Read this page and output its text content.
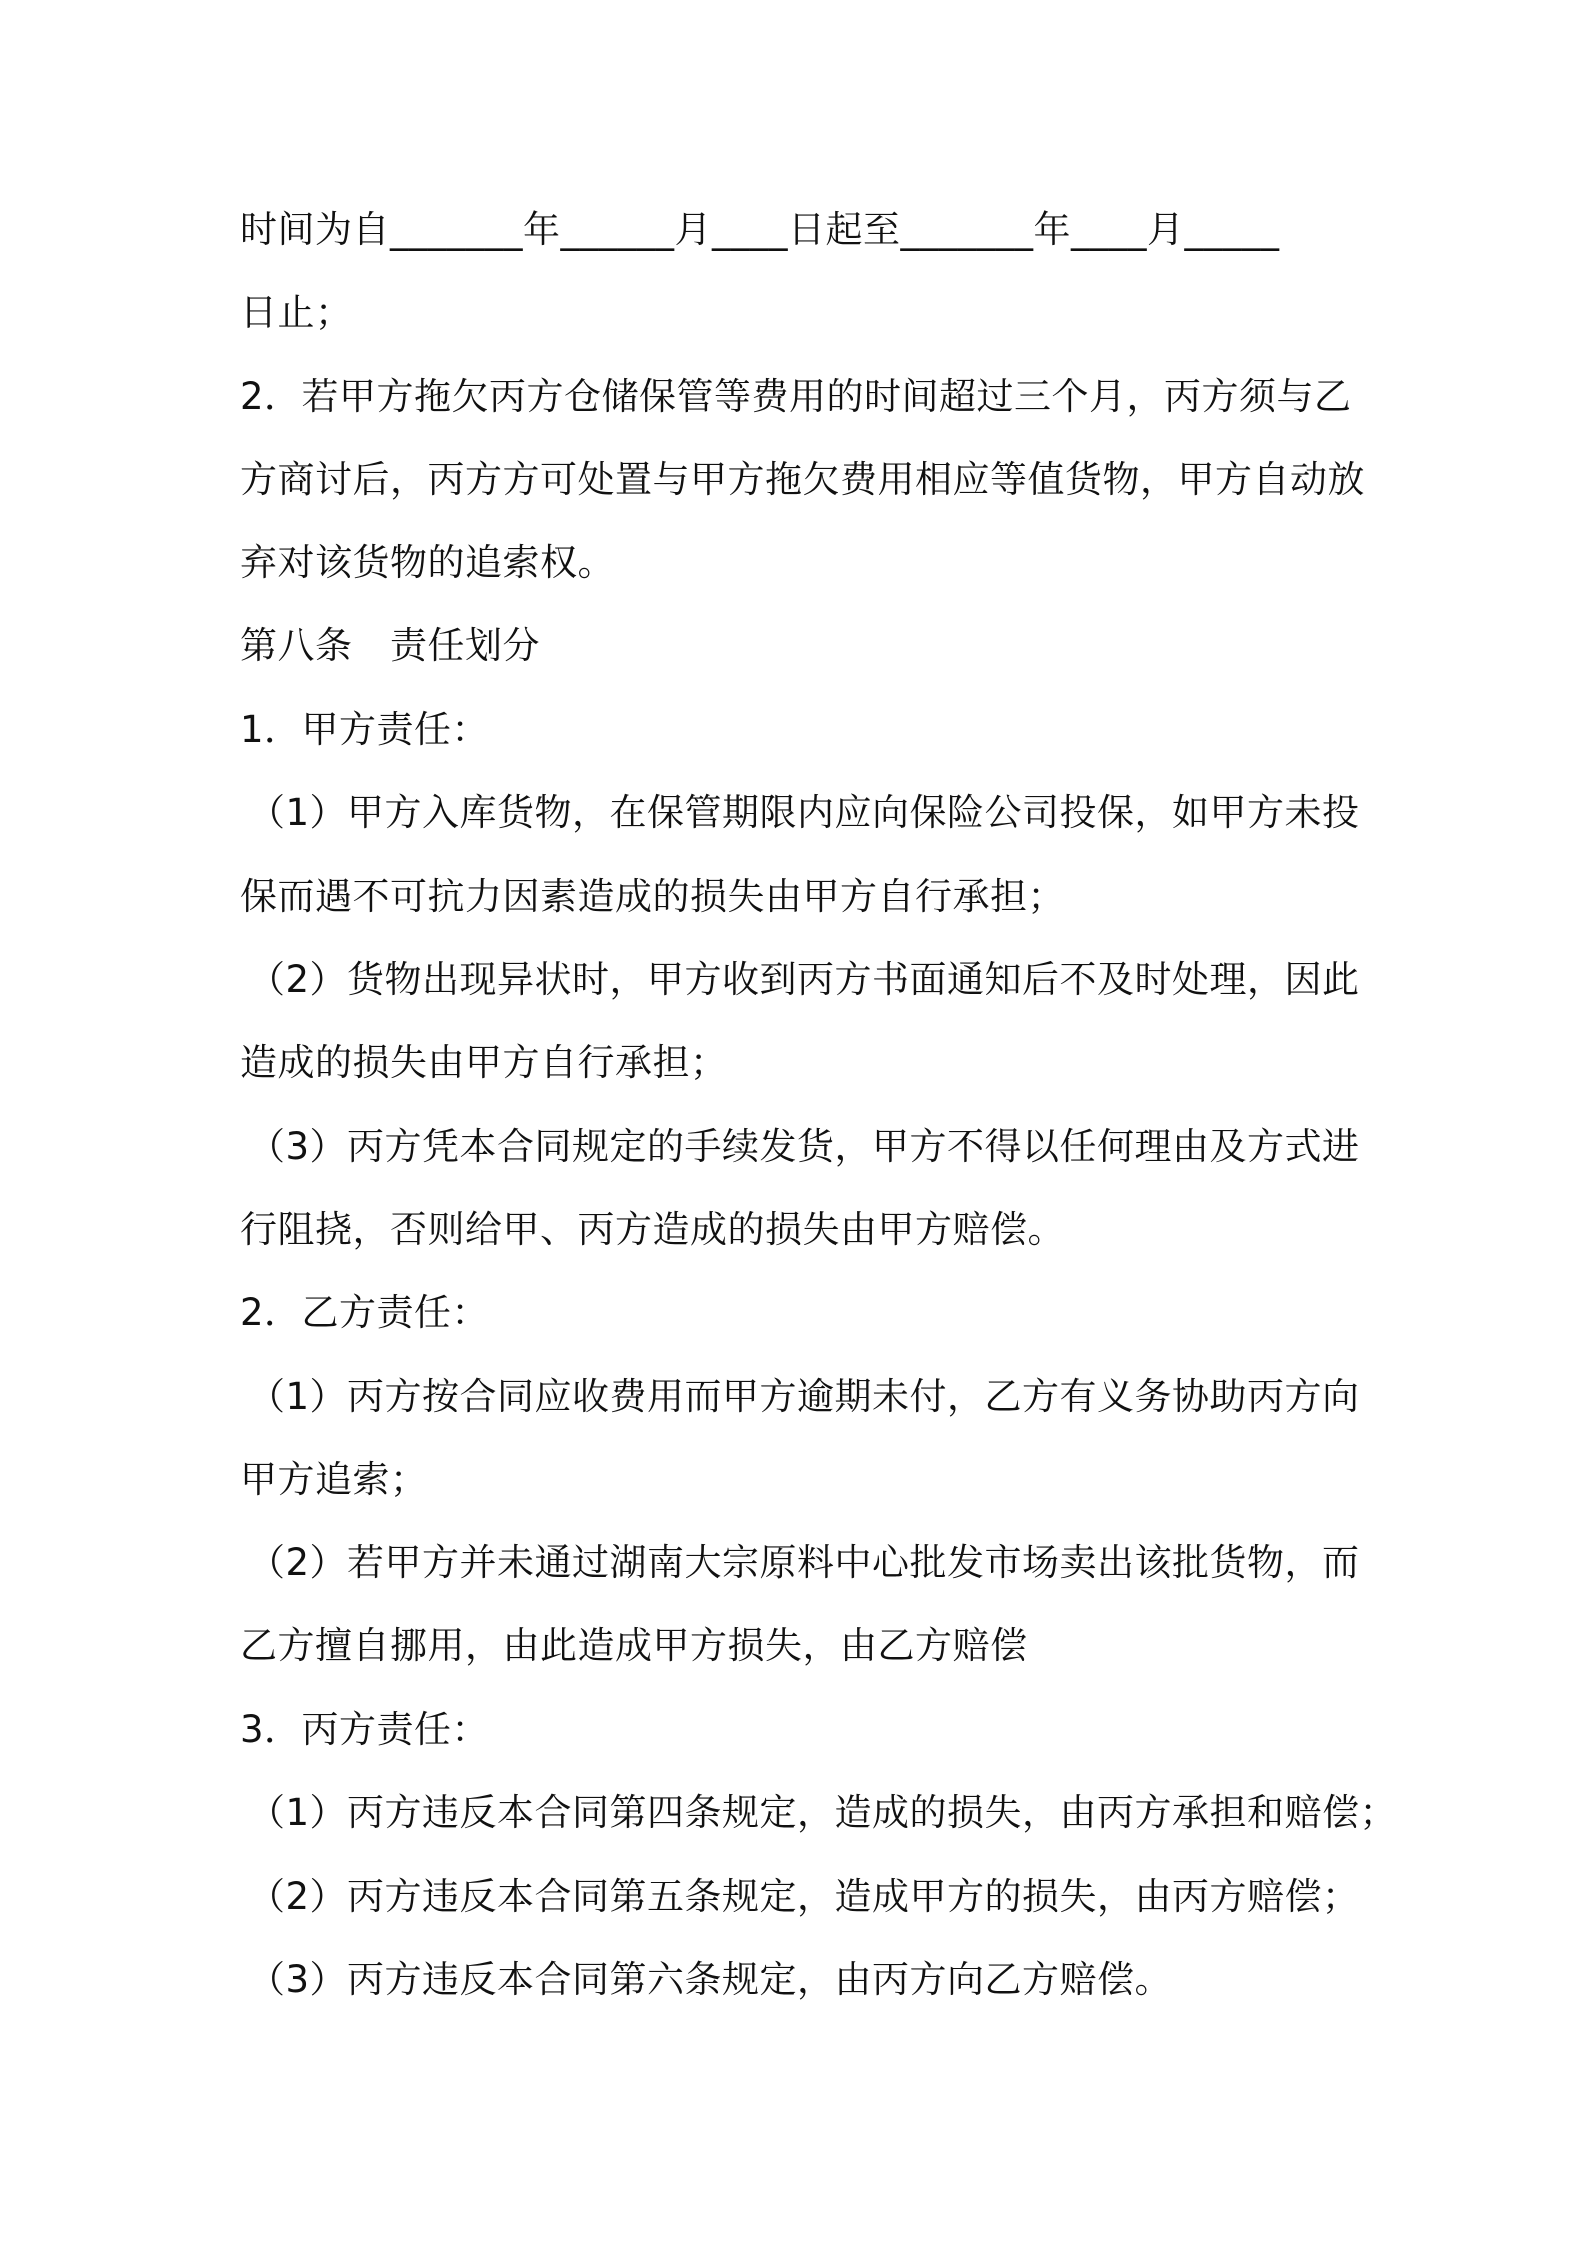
时间为自_______年______月____日起至_______年____月_____
日止；
2．若甲方拖欠丙方仓储保管等费用的时间超过三个月，丙方须与乙
方商讨后，丙方方可处置与甲方拖欠费用相应等值货物，甲方自动放
弃对该货物的追索权。
第八条　责任划分
1．甲方责任：
（1）甲方入库货物，在保管期限内应向保险公司投保，如甲方未投
保而遇不可抗力因素造成的损失由甲方自行承担；
（2）货物出现异状时，甲方收到丙方书面通知后不及时处理，因此
造成的损失由甲方自行承担；
（3）丙方凭本合同规定的手续发货，甲方不得以任何理由及方式进
行阻挠，否则给甲、丙方造成的损失由甲方赔偿。
2．乙方责任：
（1）丙方按合同应收费用而甲方逾期未付，乙方有义务协助丙方向
甲方追索；
（2）若甲方并未通过湖南大宗原料中心批发市场卖出该批货物，而
乙方擅自挪用，由此造成甲方损失，由乙方赔偿
3．丙方责任：
（1）丙方违反本合同第四条规定，造成的损失，由丙方承担和赔偿；
（2）丙方违反本合同第五条规定，造成甲方的损失，由丙方赔偿；
（3）丙方违反本合同第六条规定，由丙方向乙方赔偿。
